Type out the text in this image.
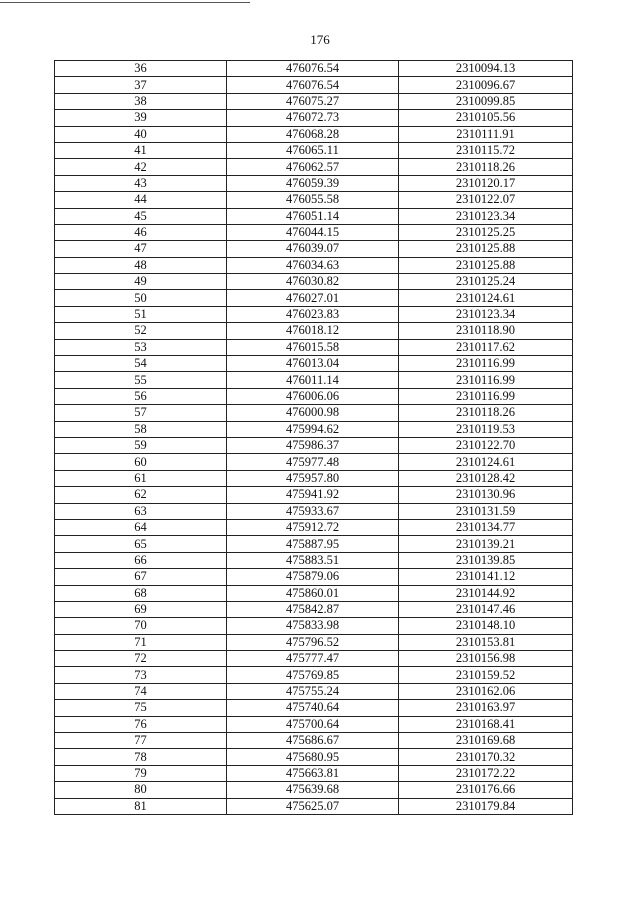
176
36	476076.54	2310094.13
37	476076.54	2310096.67
38	476075.27	2310099.85
39	476072.73	2310105.56
40	476068.28	2310111.91
41	476065.11	2310115.72
42	476062.57	2310118.26
43	476059.39	2310120.17
44	476055.58	2310122.07
45	476051.14	2310123.34
46	476044.15	2310125.25
47	476039.07	2310125.88
48	476034.63	2310125.88
49	476030.82	2310125.24
50	476027.01	2310124.61
51	476023.83	2310123.34
52	476018.12	2310118.90
53	476015.58	2310117.62
54	476013.04	2310116.99
55	476011.14	2310116.99
56	476006.06	2310116.99
57	476000.98	2310118.26
58	475994.62	2310119.53
59	475986.37	2310122.70
60	475977.48	2310124.61
61	475957.80	2310128.42
62	475941.92	2310130.96
63	475933.67	2310131.59
64	475912.72	2310134.77
65	475887.95	2310139.21
66	475883.51	2310139.85
67	475879.06	2310141.12
68	475860.01	2310144.92
69	475842.87	2310147.46
70	475833.98	2310148.10
71	475796.52	2310153.81
72	475777.47	2310156.98
73	475769.85	2310159.52
74	475755.24	2310162.06
75	475740.64	2310163.97
76	475700.64	2310168.41
77	475686.67	2310169.68
78	475680.95	2310170.32
79	475663.81	2310172.22
80	475639.68	2310176.66
81	475625.07	2310179.84
